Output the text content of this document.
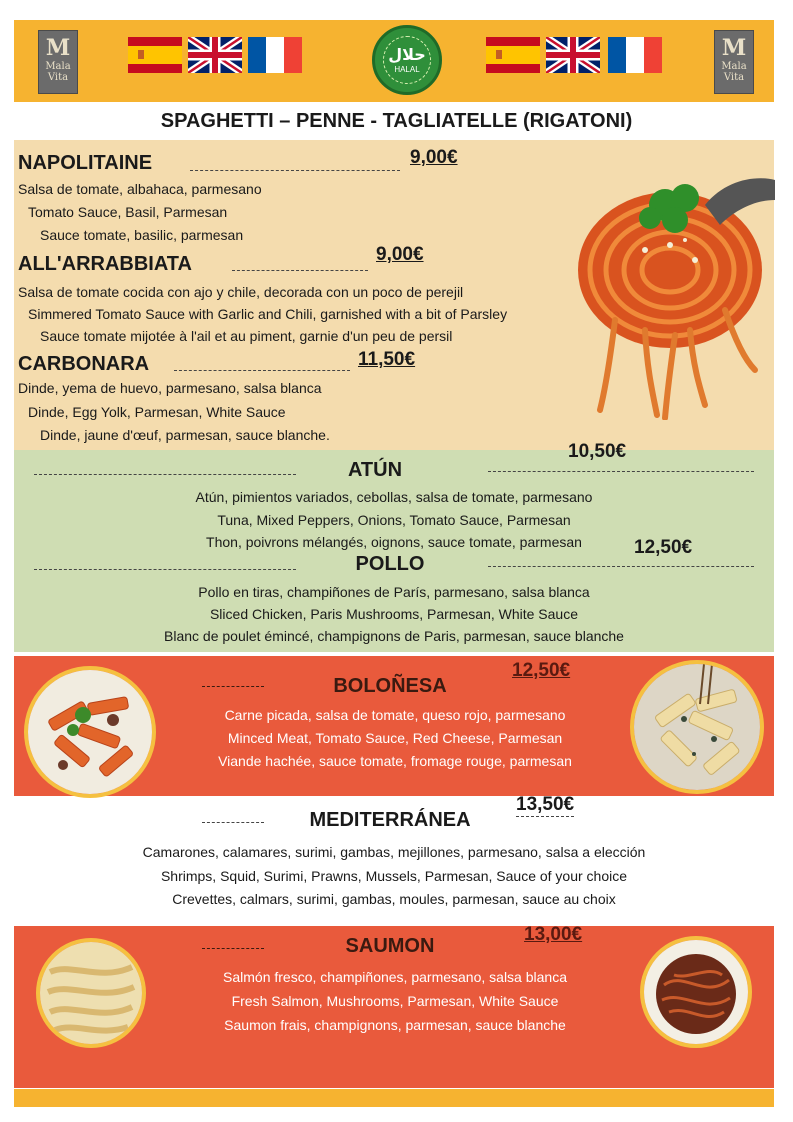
M
Mala Vita
حلال
HALAL
M
Mala Vita
SPAGHETTI – PENNE - TAGLIATELLE (RIGATONI)
NAPOLITAINE	9,00€
Salsa de tomate, albahaca, parmesano
Tomato Sauce, Basil, Parmesan
Sauce tomate, basilic, parmesan
ALL'ARRABBIATA	9,00€
Salsa de tomate cocida con ajo y chile, decorada con un poco de perejil
Simmered Tomato Sauce with Garlic and Chili, garnished with a bit of Parsley
Sauce tomate mijotée à l'ail et au piment, garnie d'un peu de persil
CARBONARA	11,50€
Dinde, yema de huevo, parmesano, salsa blanca
Dinde, Egg Yolk, Parmesan, White Sauce
Dinde, jaune d'œuf, parmesan, sauce blanche.
ATÚN
10,50€
Atún, pimientos variados, cebollas, salsa de tomate, parmesano
Tuna, Mixed Peppers, Onions, Tomato Sauce, Parmesan
Thon, poivrons mélangés, oignons, sauce tomate, parmesan
POLLO
12,50€
Pollo en tiras, champiñones de París, parmesano, salsa blanca
Sliced Chicken, Paris Mushrooms, Parmesan, White Sauce
Blanc de poulet émincé, champignons de Paris, parmesan, sauce blanche
BOLOÑESA
12,50€
Carne picada, salsa de tomate, queso rojo, parmesano
Minced Meat, Tomato Sauce, Red Cheese, Parmesan
Viande hachée, sauce tomate, fromage rouge, parmesan
MEDITERRÁNEA
13,50€
Camarones, calamares, surimi, gambas, mejillones, parmesano, salsa a elección
Shrimps, Squid, Surimi, Prawns, Mussels, Parmesan, Sauce of your choice
Crevettes, calmars, surimi, gambas, moules, parmesan, sauce au choix
SAUMON
13,00€
Salmón fresco, champiñones, parmesano, salsa blanca
Fresh Salmon, Mushrooms, Parmesan, White Sauce
Saumon frais, champignons, parmesan, sauce blanche
